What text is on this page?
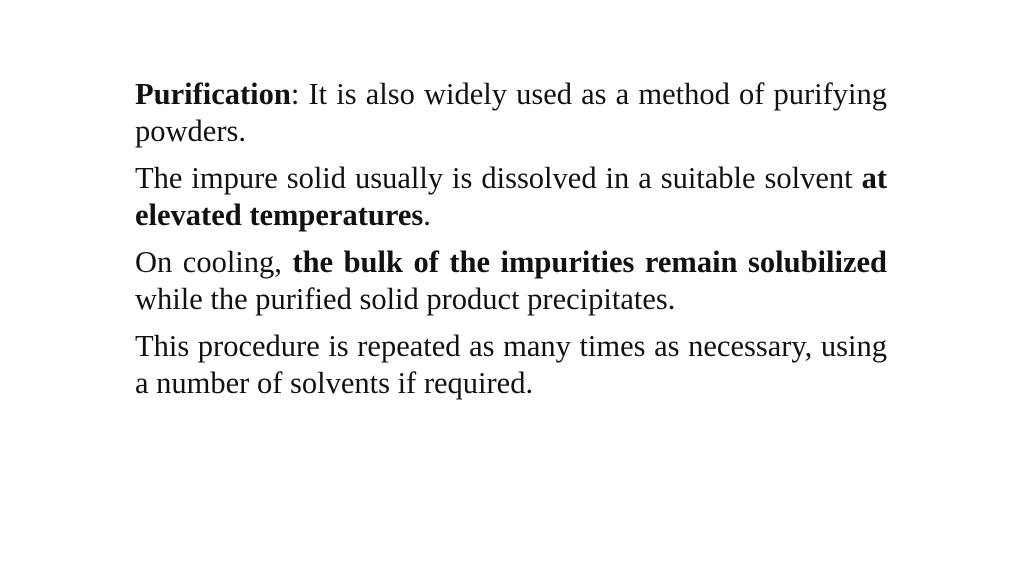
Purification: It is also widely used as a method of purifying powders.

The impure solid usually is dissolved in a suitable solvent at elevated temperatures.

On cooling, the bulk of the impurities remain solubilized while the purified solid product precipitates.

This procedure is repeated as many times as necessary, using a number of solvents if required.
